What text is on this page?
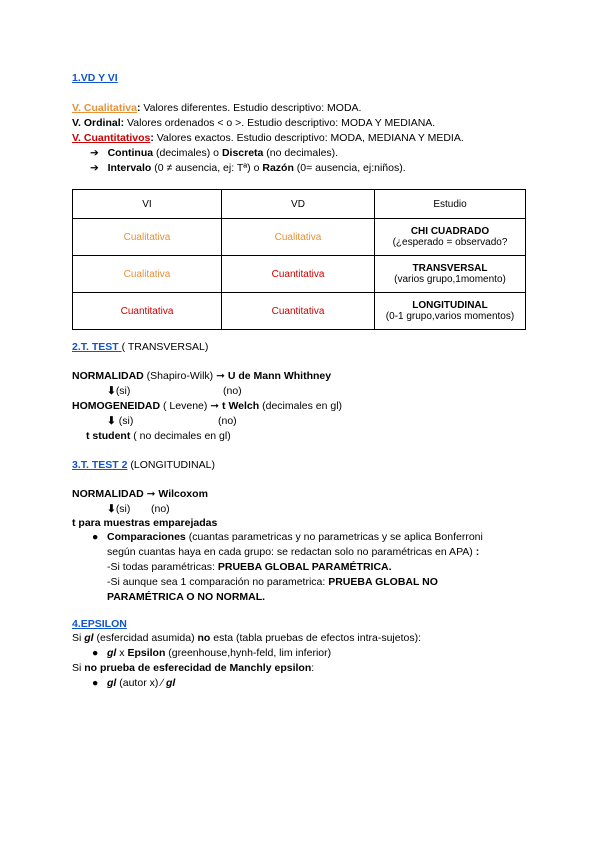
1.VD Y VI
V. Cualitativa: Valores diferentes. Estudio descriptivo: MODA.
V. Ordinal: Valores ordenados < o >. Estudio descriptivo: MODA Y MEDIANA.
V. Cuantitativos: Valores exactos. Estudio descriptivo: MODA, MEDIANA Y MEDIA.
➔ Continua (decimales) o Discreta (no decimales).
➔ Intervalo (0 ≠ ausencia, ej: Tª) o Razón (0= ausencia, ej:niños).
VI	VD	Estudio
Cualitativa	Cualitativa	CHI CUADRADO
(¿esperado = observado?
Cualitativa	Cuantitativa	TRANSVERSAL
(varios grupo,1momento)
Cuantitativa	Cuantitativa	LONGITUDINAL
(0-1 grupo,varios momentos)
2.T. TEST ( TRANSVERSAL)
NORMALIDAD (Shapiro-Wilk) ➞ U de Mann Whithney
⬇(si)	(no)
HOMOGENEIDAD ( Levene) ➞ t Welch (decimales en gl)
⬇ (si)	(no)
t student ( no decimales en gl)
3.T. TEST 2 (LONGITUDINAL)
NORMALIDAD ➞ Wilcoxom
⬇(si) (no)
t para muestras emparejadas
● Comparaciones (cuantas parametricas y no parametricas y se aplica Bonferroni
según cuantas haya en cada grupo: se redactan solo no paramétricas en APA) :
-Si todas paramétricas: PRUEBA GLOBAL PARAMÉTRICA.
-Si aunque sea 1 comparación no parametrica: PRUEBA GLOBAL NO
PARAMÉTRICA O NO NORMAL.
4.EPSILON
Si gl (esfercidad asumida) no esta (tabla pruebas de efectos intra-sujetos):
● gl x Epsilon (greenhouse,hynh-feld, lim inferior)
Si no prueba de esferecidad de Manchly epsilon:
● gl (autor x) ∕ gl
